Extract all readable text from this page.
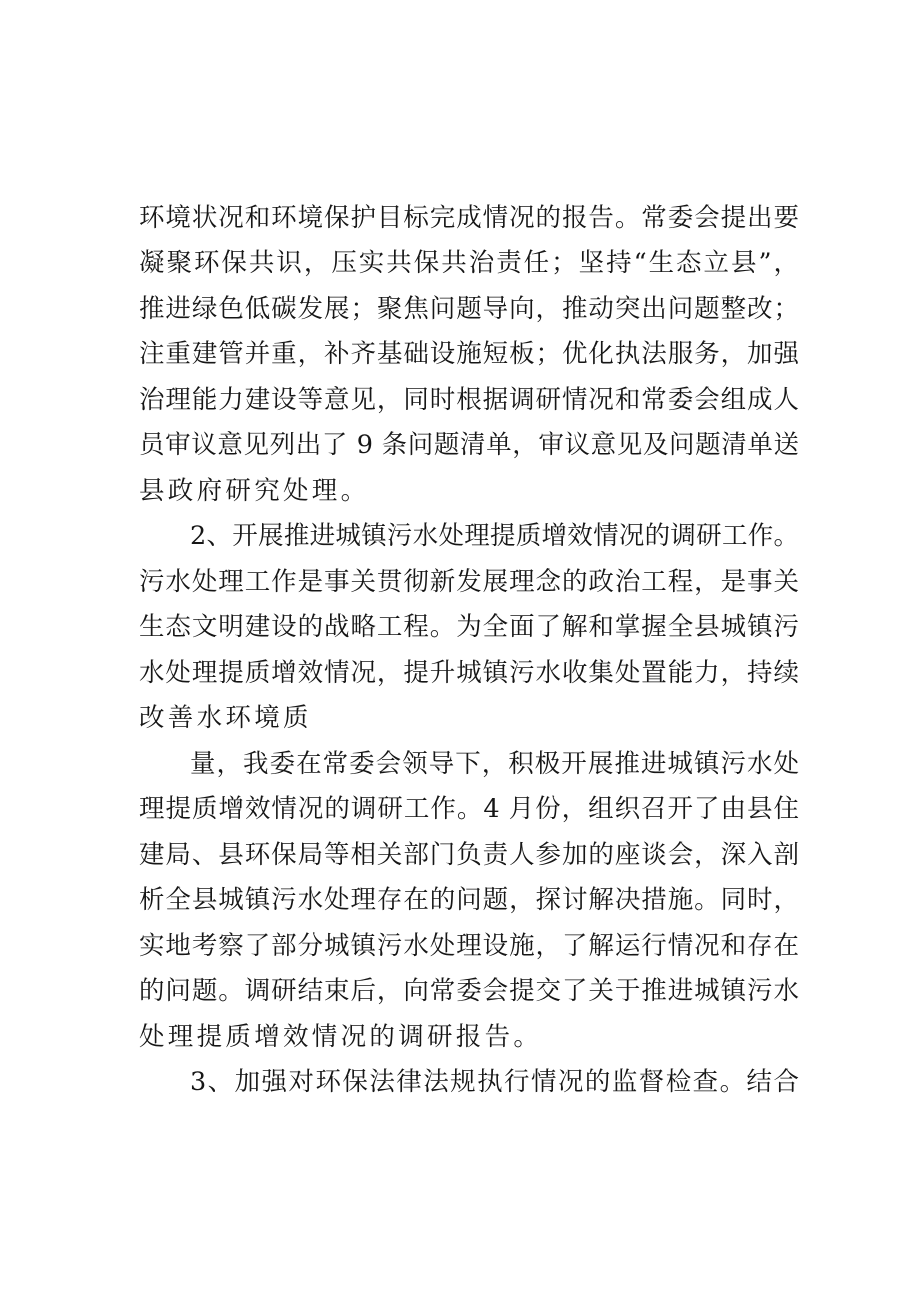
环境状况和环境保护目标完成情况的报告。常委会提出要
凝聚环保共识，压实共保共治责任；坚持“生态立县”，
推进绿色低碳发展；聚焦问题导向，推动突出问题整改；
注重建管并重，补齐基础设施短板；优化执法服务，加强
治理能力建设等意见，同时根据调研情况和常委会组成人
员审议意见列出了 9 条问题清单，审议意见及问题清单送
县政府研究处理。
2、开展推进城镇污水处理提质增效情况的调研工作。
污水处理工作是事关贯彻新发展理念的政治工程，是事关
生态文明建设的战略工程。为全面了解和掌握全县城镇污
水处理提质增效情况，提升城镇污水收集处置能力，持续
改善水环境质
量，我委在常委会领导下，积极开展推进城镇污水处
理提质增效情况的调研工作。4 月份，组织召开了由县住
建局、县环保局等相关部门负责人参加的座谈会，深入剖
析全县城镇污水处理存在的问题，探讨解决措施。同时，
实地考察了部分城镇污水处理设施，了解运行情况和存在
的问题。调研结束后，向常委会提交了关于推进城镇污水
处理提质增效情况的调研报告。
3、加强对环保法律法规执行情况的监督检查。结合
